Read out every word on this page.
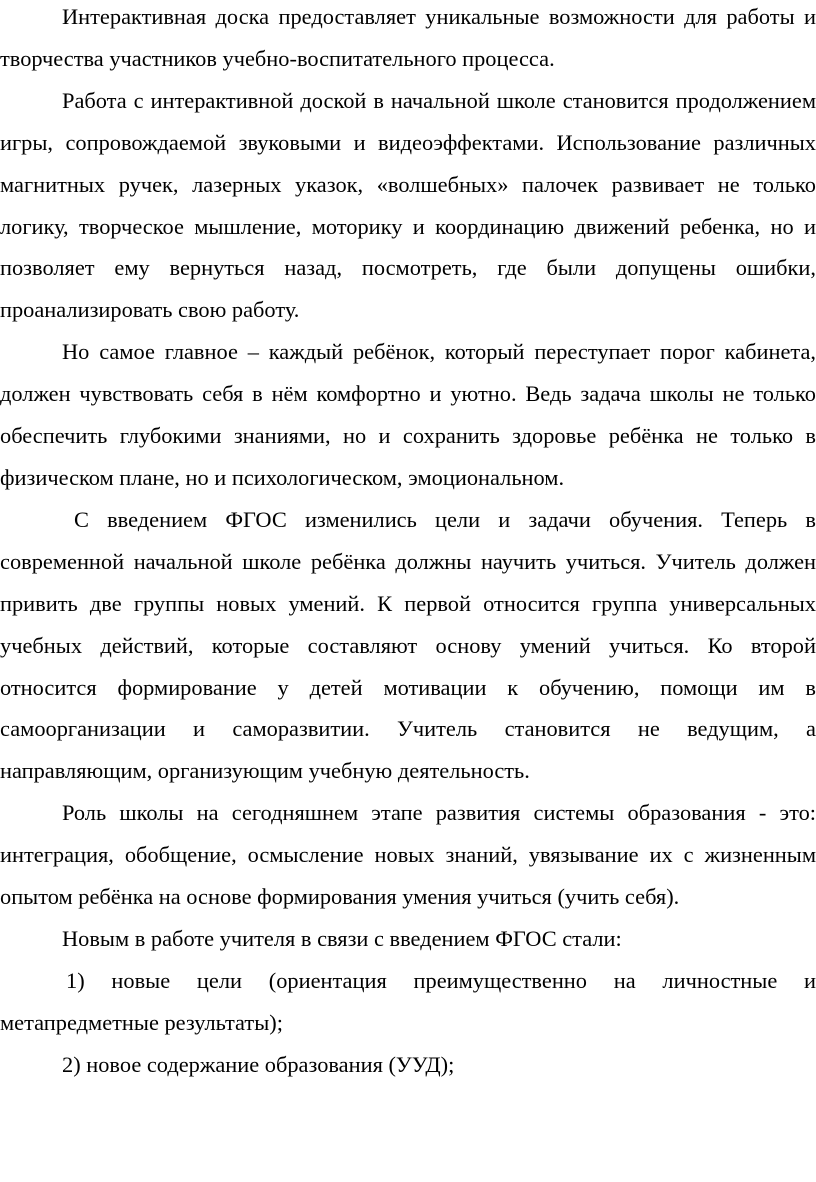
Интерактивная доска предоставляет уникальные возможности для работы и творчества участников учебно-воспитательного процесса.

Работа с интерактивной доской в начальной школе становится продолжением игры, сопровождаемой звуковыми и видеоэффектами. Использование различных магнитных ручек, лазерных указок, «волшебных» палочек развивает не только логику, творческое мышление, моторику и координацию движений ребенка, но и позволяет ему вернуться назад, посмотреть, где были допущены ошибки, проанализировать свою работу.

Но самое главное – каждый ребёнок, который переступает порог кабинета, должен чувствовать себя в нём комфортно и уютно. Ведь задача школы не только обеспечить глубокими знаниями, но и сохранить здоровье ребёнка не только в физическом плане, но и психологическом, эмоциональном.

С введением ФГОС изменились цели и задачи обучения. Теперь в современной начальной школе ребёнка должны научить учиться. Учитель должен привить две группы новых умений. К первой относится группа универсальных учебных действий, которые составляют основу умений учиться. Ко второй относится формирование у детей мотивации к обучению, помощи им в самоорганизации и саморазвитии. Учитель становится не ведущим, а направляющим, организующим учебную деятельность.

Роль школы на сегодняшнем этапе развития системы образования - это: интеграция, обобщение, осмысление новых знаний, увязывание их с жизненным опытом ребёнка на основе формирования умения учиться (учить себя).

Новым в работе учителя в связи с введением ФГОС стали:

1) новые цели (ориентация преимущественно на личностные и метапредметные результаты);

2) новое содержание образования (УУД);
